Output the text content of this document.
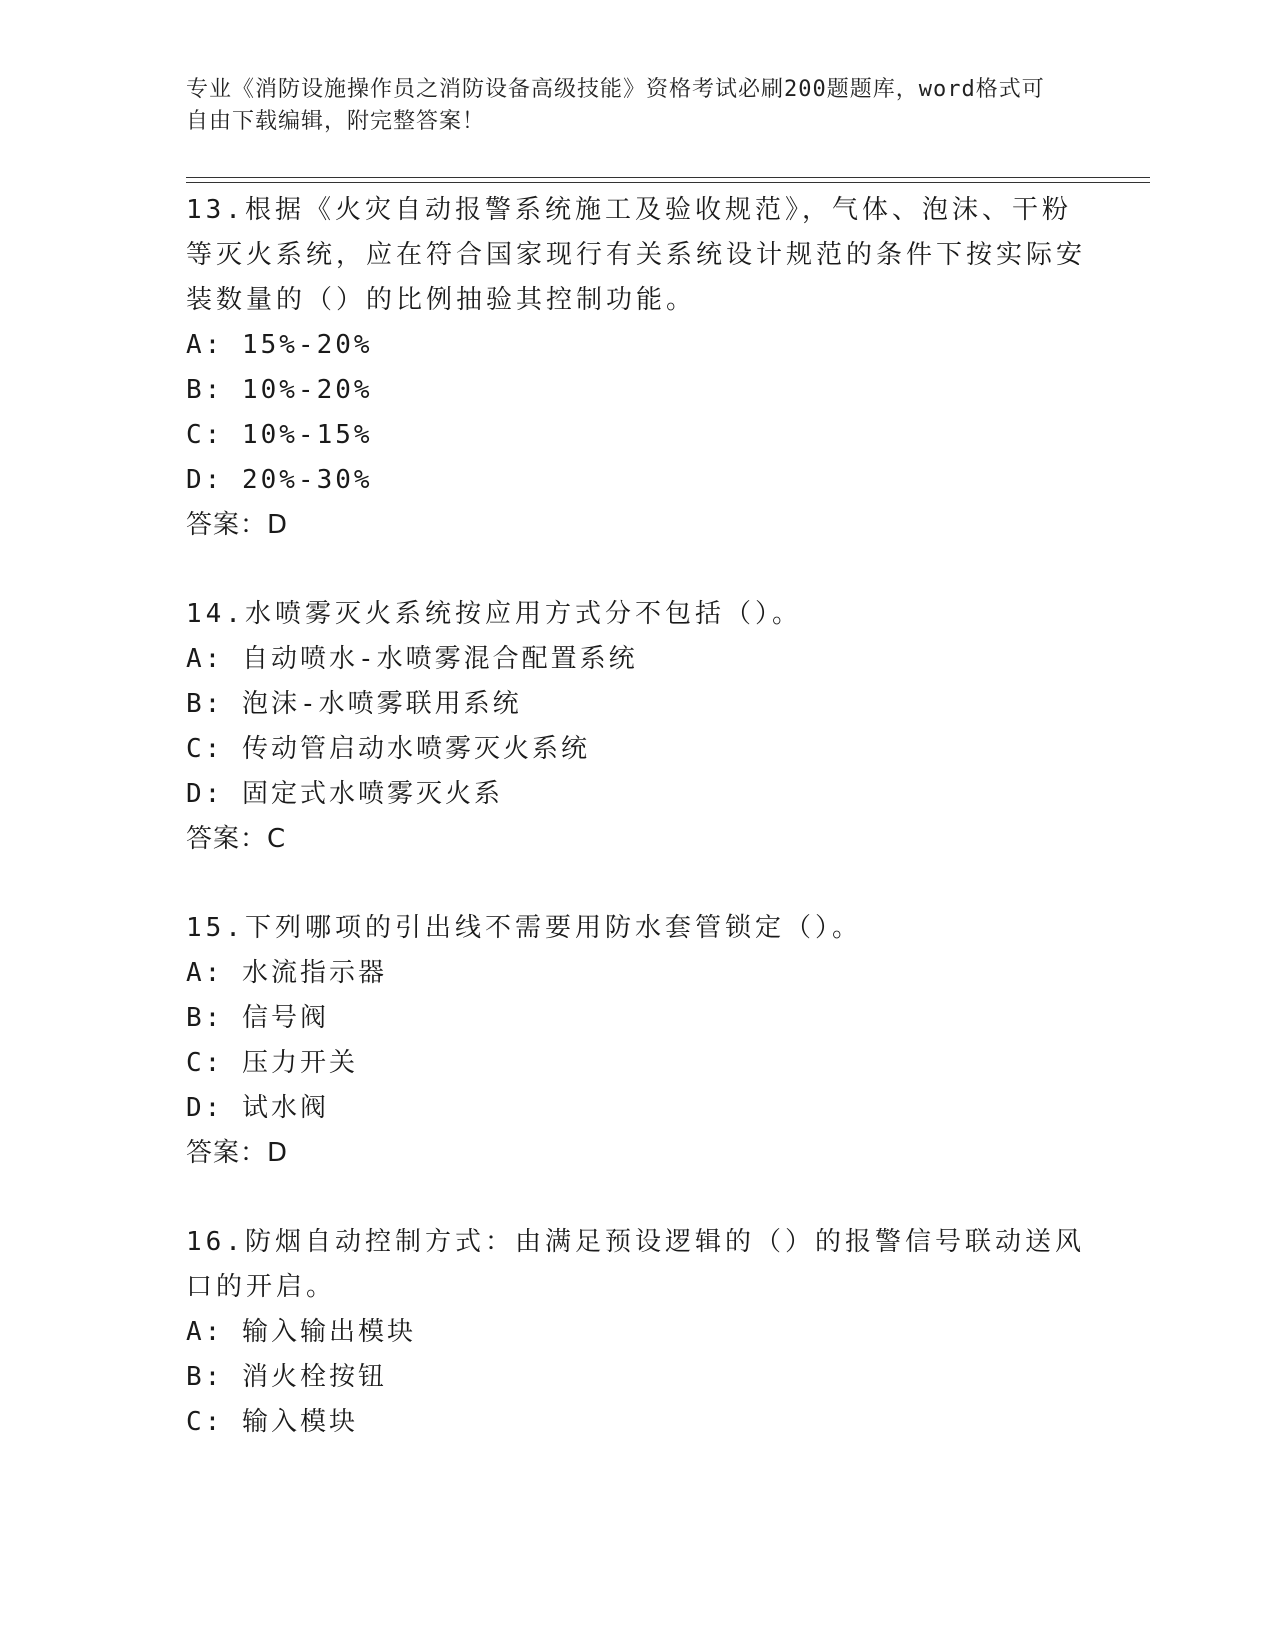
专业《消防设施操作员之消防设备高级技能》资格考试必刷200题题库，word格式可自由下载编辑，附完整答案！

13.根据《火灾自动报警系统施工及验收规范》，气体、泡沫、干粉等灭火系统，应在符合国家现行有关系统设计规范的条件下按实际安装数量的（）的比例抽验其控制功能。

A: 15%-20%

B: 10%-20%

C: 10%-15%

D: 20%-30%

答案：D

14.水喷雾灭火系统按应用方式分不包括（）。

A: 自动喷水-水喷雾混合配置系统

B: 泡沫-水喷雾联用系统

C: 传动管启动水喷雾灭火系统

D: 固定式水喷雾灭火系

答案：C

15.下列哪项的引出线不需要用防水套管锁定（）。

A: 水流指示器

B: 信号阀

C: 压力开关

D: 试水阀

答案：D

16.防烟自动控制方式：由满足预设逻辑的（）的报警信号联动送风口的开启。

A: 输入输出模块

B: 消火栓按钮

C: 输入模块
